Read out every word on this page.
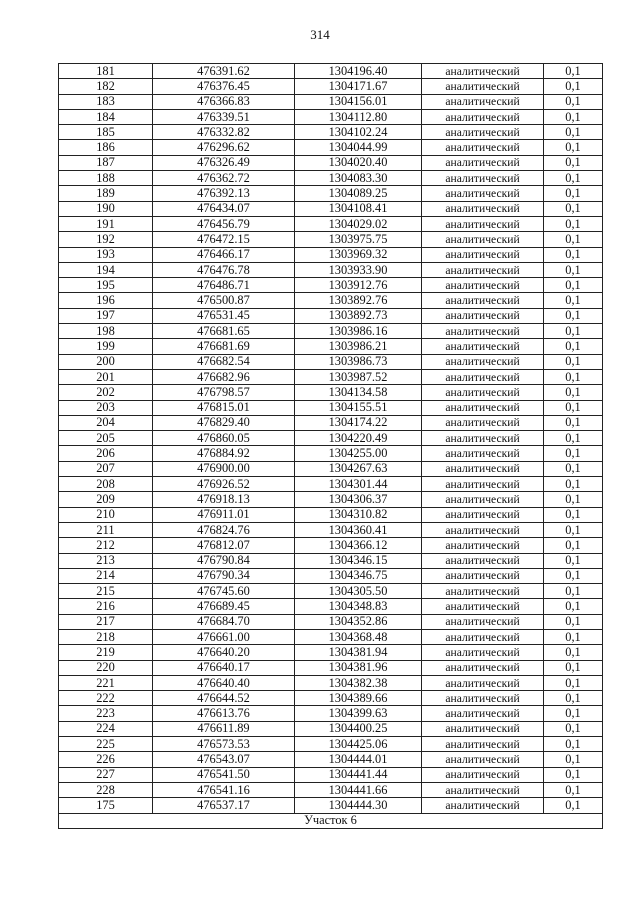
314
181	476391.62	1304196.40	аналитический	0,1
182	476376.45	1304171.67	аналитический	0,1
183	476366.83	1304156.01	аналитический	0,1
184	476339.51	1304112.80	аналитический	0,1
185	476332.82	1304102.24	аналитический	0,1
186	476296.62	1304044.99	аналитический	0,1
187	476326.49	1304020.40	аналитический	0,1
188	476362.72	1304083.30	аналитический	0,1
189	476392.13	1304089.25	аналитический	0,1
190	476434.07	1304108.41	аналитический	0,1
191	476456.79	1304029.02	аналитический	0,1
192	476472.15	1303975.75	аналитический	0,1
193	476466.17	1303969.32	аналитический	0,1
194	476476.78	1303933.90	аналитический	0,1
195	476486.71	1303912.76	аналитический	0,1
196	476500.87	1303892.76	аналитический	0,1
197	476531.45	1303892.73	аналитический	0,1
198	476681.65	1303986.16	аналитический	0,1
199	476681.69	1303986.21	аналитический	0,1
200	476682.54	1303986.73	аналитический	0,1
201	476682.96	1303987.52	аналитический	0,1
202	476798.57	1304134.58	аналитический	0,1
203	476815.01	1304155.51	аналитический	0,1
204	476829.40	1304174.22	аналитический	0,1
205	476860.05	1304220.49	аналитический	0,1
206	476884.92	1304255.00	аналитический	0,1
207	476900.00	1304267.63	аналитический	0,1
208	476926.52	1304301.44	аналитический	0,1
209	476918.13	1304306.37	аналитический	0,1
210	476911.01	1304310.82	аналитический	0,1
211	476824.76	1304360.41	аналитический	0,1
212	476812.07	1304366.12	аналитический	0,1
213	476790.84	1304346.15	аналитический	0,1
214	476790.34	1304346.75	аналитический	0,1
215	476745.60	1304305.50	аналитический	0,1
216	476689.45	1304348.83	аналитический	0,1
217	476684.70	1304352.86	аналитический	0,1
218	476661.00	1304368.48	аналитический	0,1
219	476640.20	1304381.94	аналитический	0,1
220	476640.17	1304381.96	аналитический	0,1
221	476640.40	1304382.38	аналитический	0,1
222	476644.52	1304389.66	аналитический	0,1
223	476613.76	1304399.63	аналитический	0,1
224	476611.89	1304400.25	аналитический	0,1
225	476573.53	1304425.06	аналитический	0,1
226	476543.07	1304444.01	аналитический	0,1
227	476541.50	1304441.44	аналитический	0,1
228	476541.16	1304441.66	аналитический	0,1
175	476537.17	1304444.30	аналитический	0,1
Участок 6				
